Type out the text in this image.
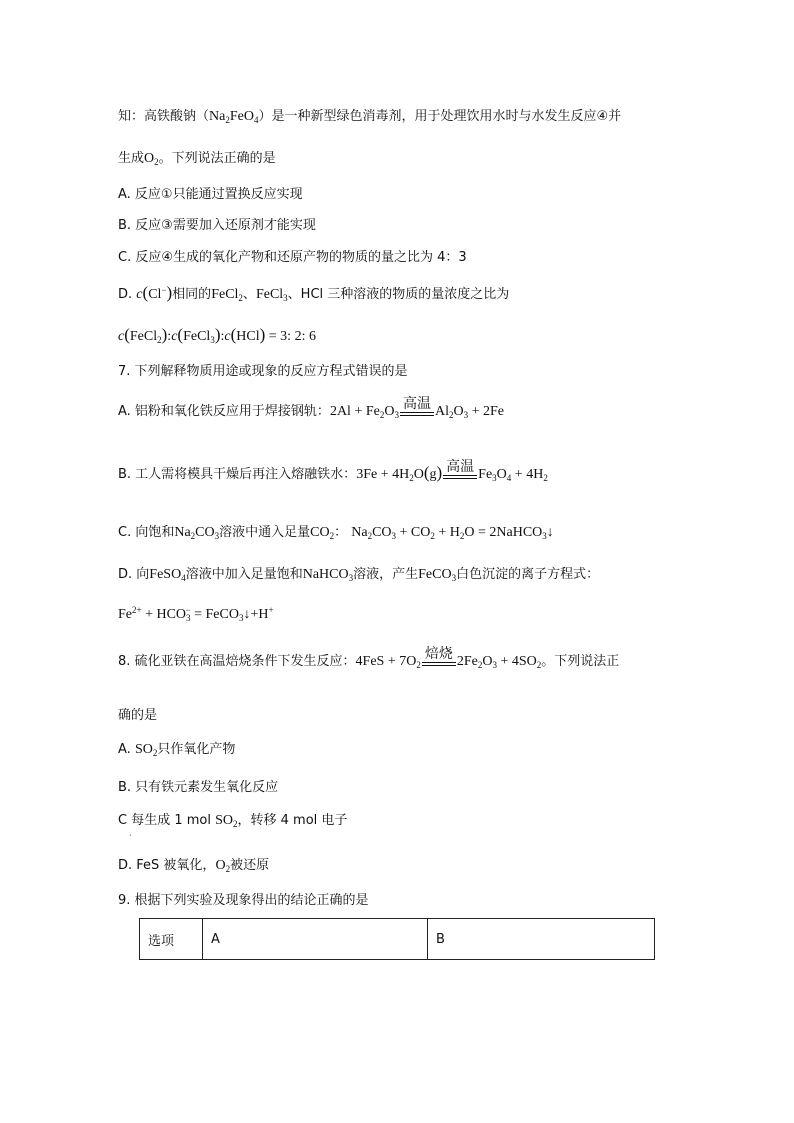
知：高铁酸钠$(Na_2FeO_4)$是一种新型绿色消毒剂，用于处理饮用水时与水发生反应④并
生成$O_2$。下列说法正确的是
A. 反应①只能通过置换反应实现
B. 反应③需要加入还原剂才能实现
C. 反应④生成的氧化产物和还原产物的物质的量之比为 4：3
D. c(Cl−)相同的FeCl$_2$、FeCl$_3$、HCl 三种溶液的物质的量浓度之比为
c(FeCl$_2$):c(FeCl$_3$):c(HCl) = 3: 2: 6
7. 下列解释物质用途或现象的反应方程式错误的是
A. 铝粉和氧化铁反应用于焊接钢轨：$2Al + Fe_2O_3$
高温 $Al_2O_3 + 2Fe$
B. 工人需将模具干燥后再注入熔融铁水：$3Fe + 4H_2O(g)$ 高温 $Fe_3O_4 + 4H_2$
C. 向饱和$Na_2CO_3$溶液中通入足量$CO_2$： $Na_2CO_3 + CO_2 + H_2O$ = 2NaHCO$_3$↓
D. 向FeSO$_4$溶液中加入足量饱和NaHCO$_3$溶液，产生FeCO$_3$白色沉淀的离子方程式：
$Fe^{2+} + HCO_3^-$ = FeCO$_3$↓+H+
8. 硫化亚铁在高温焙烧条件下发生反应：$4FeS + 7O_2$
焙烧 $2Fe_2O_3 + 4SO_2$。下列说法正
确的是
A. $SO_2$只作氧化产物
B. 只有铁元素发生氧化反应
C 每生成 1 mol $SO_2$，转移 4 mol 电子
·
D. FeS 被氧化，$O_2$被还原
9. 根据下列实验及现象得出的结论正确的是
选项	A	B
